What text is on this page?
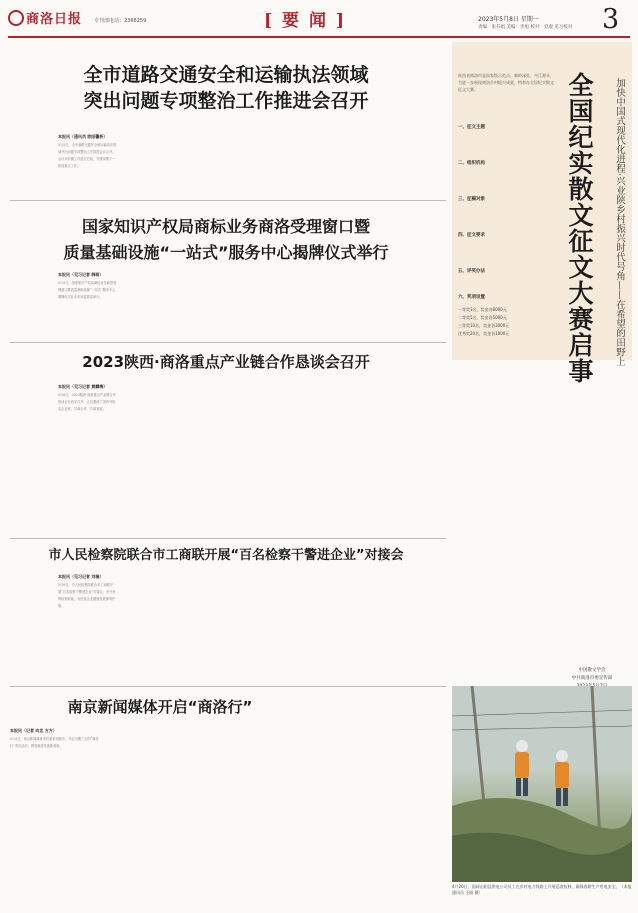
商洛日报 专刊部电话：2368259	[要闻]	2023年5月8日 星期一
责编：张芬娟 美编：李旭 校对：党淑 见习校对 3
全市道路交通安全和运输执法领域
突出问题专项整治工作推进会召开
本报讯（通讯员 欧阳馨桥）
5月5日，全市道路交通安全和运输执法领域突出问题专项整治工作推进会议召开。会议对前期工作进行总结，安排部署下一阶段重点工作。
国家知识产权局商标业务商洛受理窗口暨
质量基础设施“一站式”服务中心揭牌仪式举行
本报讯（见习记者 韩萌）
5月5日，国家知识产权局商标业务商洛受理窗口暨质量基础设施“一站式”服务中心揭牌仪式在市市场监管局举行。
2023陕西·商洛重点产业链合作恳谈会召开
本报讯（见习记者 黄麟梅）
5月6日，2023陕西·商洛重点产业链合作恳谈会在西安召开。会议邀请了国内外知名企业家，共商合作、共谋发展。
市人民检察院联合市工商联开展“百名检察干警进企业”对接会
本报讯（见习记者 刘楠）
5月6日，市人民检察院联合市工商联开展“百名检察干警进企业”对接会，充分发挥检察职能，为民营企业健康发展保驾护航。
南京新闻媒体开启“商洛行”
本报讯（记者 向忠 方方）
5月5日，南京新闻媒体采访团来到我市，开启为期三天的“商洛行”采访活动，感受商洛发展新成就。
全国纪实散文征文大赛启事	加快中国式现代化进程·兴业陕乡村振兴时代号角——在希望的田野上
陕西省商洛市是国家级示范点、秦岭深处、丹江源头，为进一步展现商洛乡村振兴成就，特举办全国纪实散文征文大赛。
一、征文主题
二、组织机构
三、征稿对象
四、征文要求
五、评奖办法
六、奖项设置
一等奖3名，奖金各8000元
二等奖5名，奖金各5000元
三等奖10名，奖金各3000元
优秀奖20名，奖金各1000元
中国散文学会
中共商洛市委宣传部
4月26日，国网山阳县供电公司员工在乡村电力线路上开展巡查检修，确保春耕生产用电安全。（本报通讯员 王丽 摄）
